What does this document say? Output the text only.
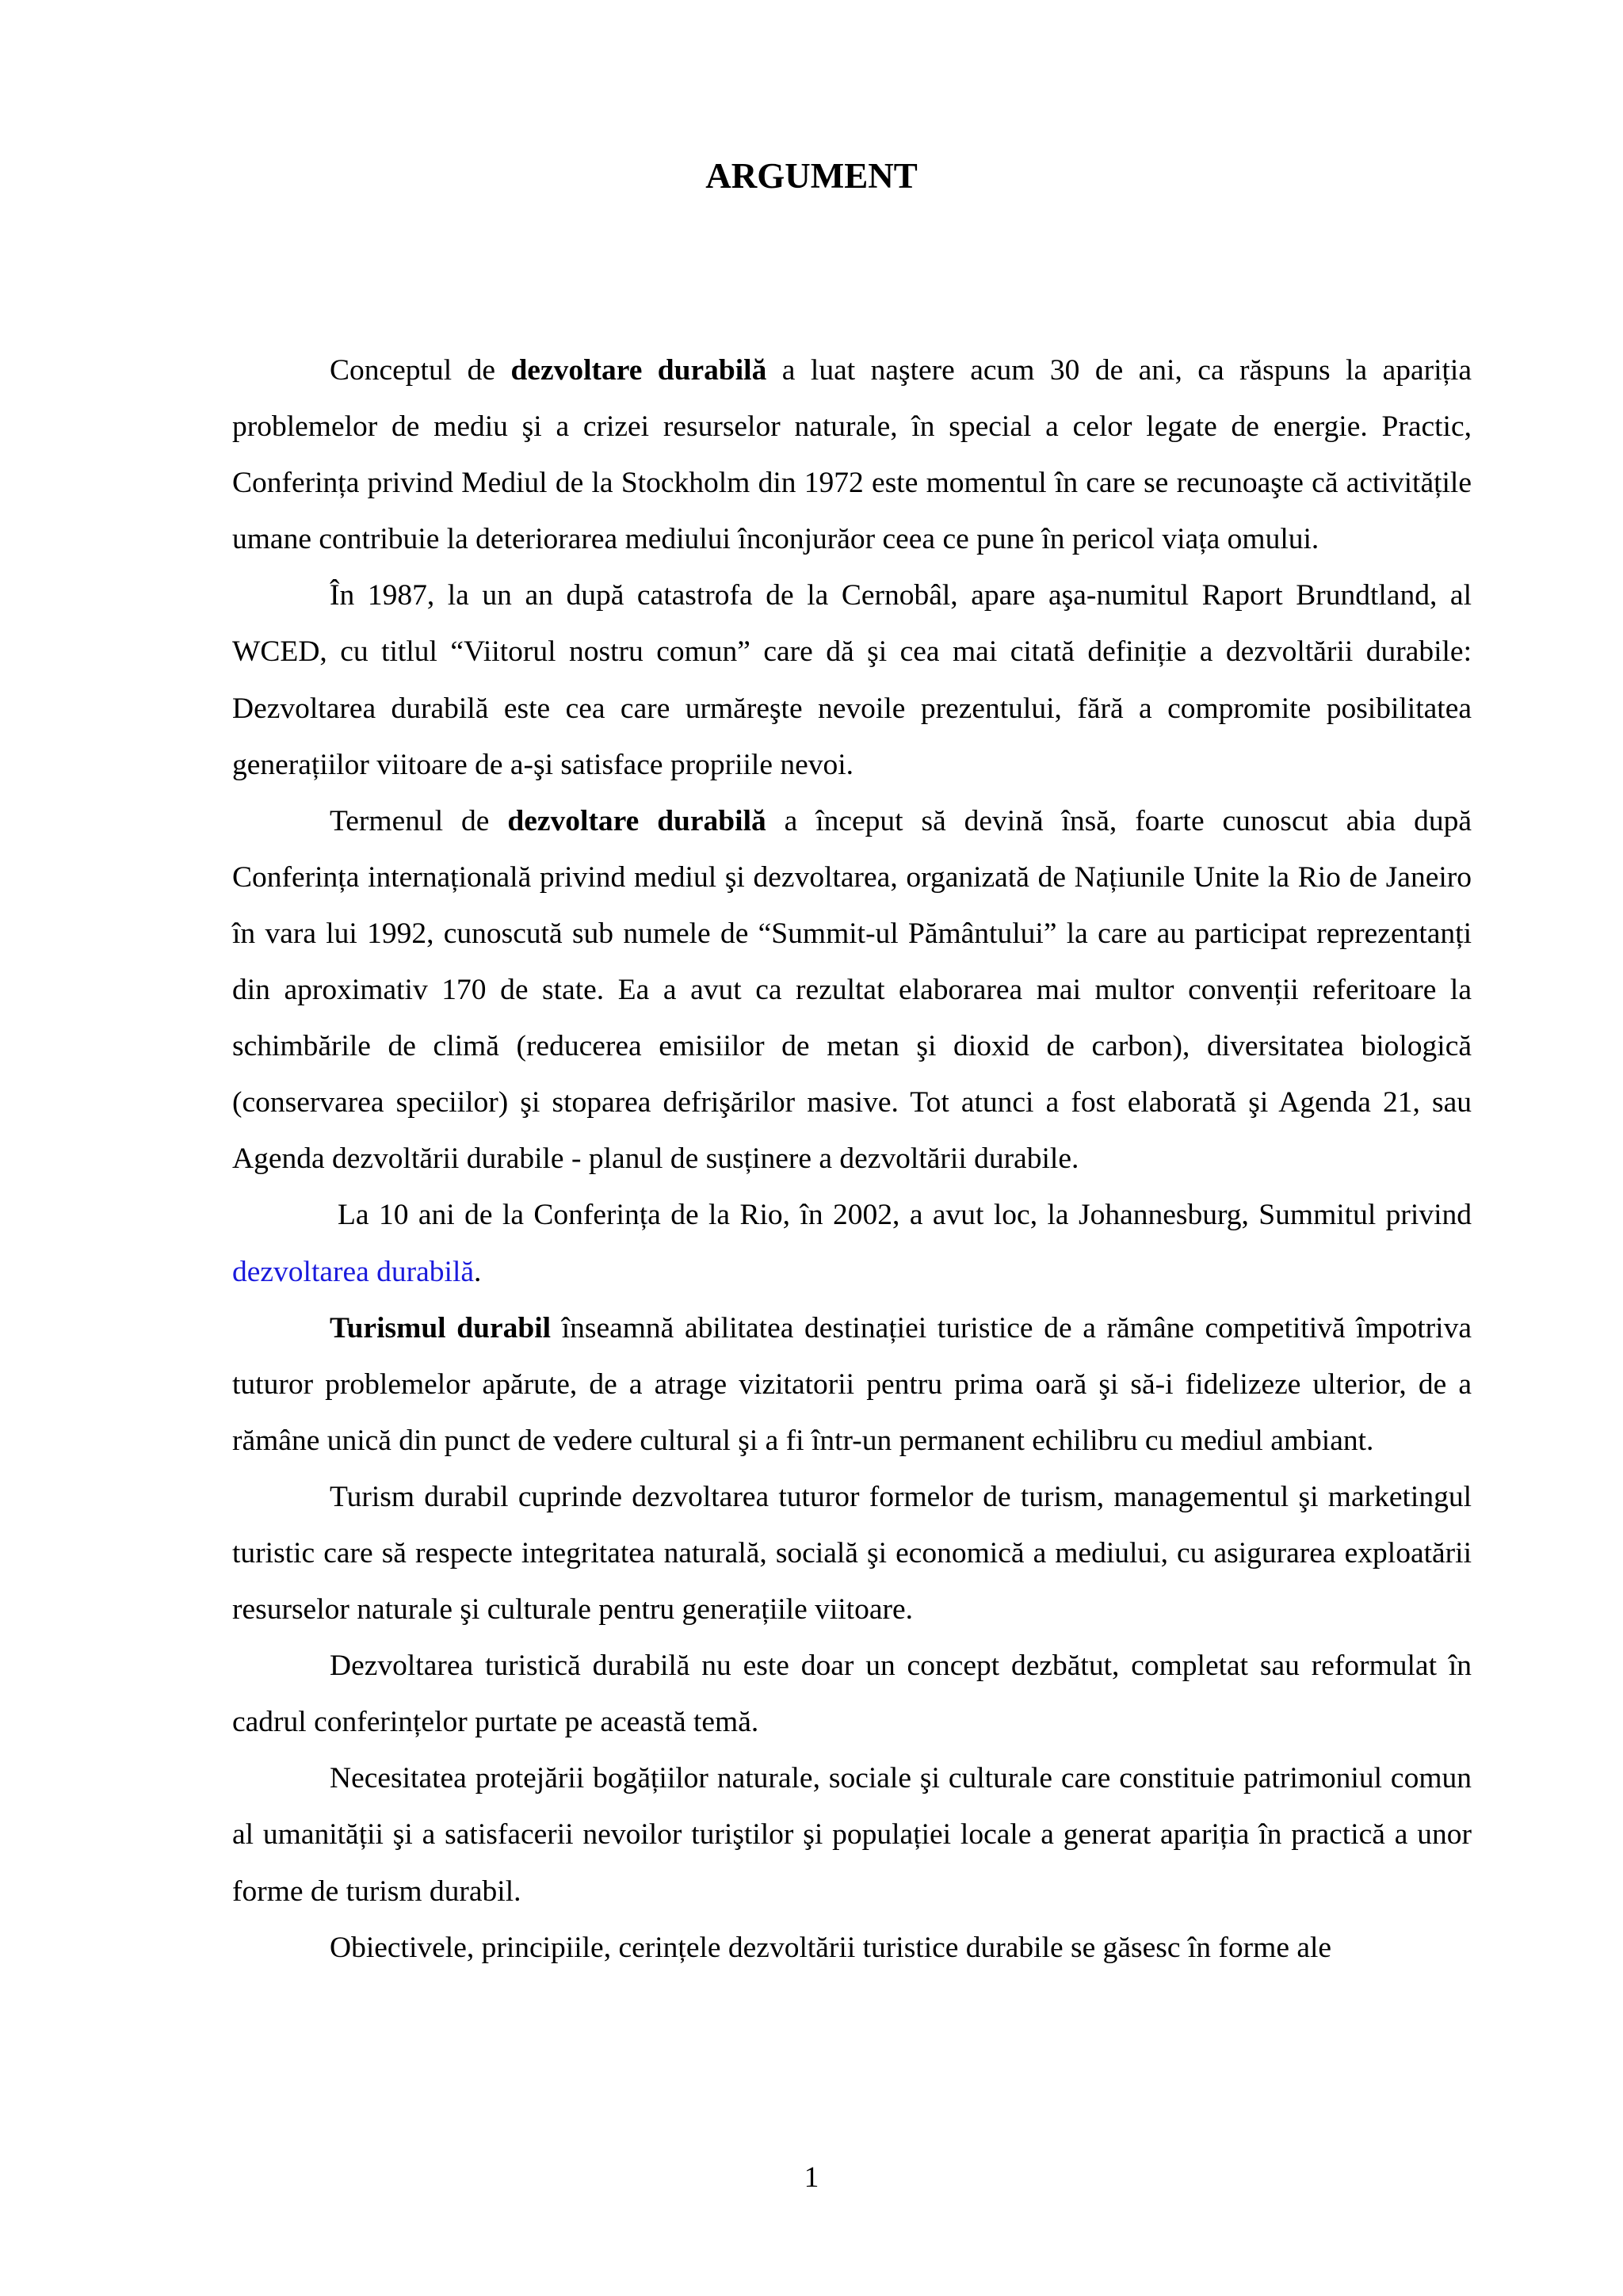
ARGUMENT

Conceptul de dezvoltare durabilă a luat naştere acum 30 de ani, ca răspuns la apariția problemelor de mediu şi a crizei resurselor naturale, în special a celor legate de energie. Practic, Conferința privind Mediul de la Stockholm din 1972 este momentul în care se recunoaşte că activitățile umane contribuie la deteriorarea mediului înconjurăor ceea ce pune în pericol viața omului.

În 1987, la un an după catastrofa de la Cernobâl, apare aşa-numitul Raport Brundtland, al WCED, cu titlul “Viitorul nostru comun” care dă şi cea mai citată definiție a dezvoltării durabile: Dezvoltarea durabilă este cea care urmăreşte nevoile prezentului, fără a compromite posibilitatea generațiilor viitoare de a-şi satisface propriile nevoi.

Termenul de dezvoltare durabilă a început să devină însă, foarte cunoscut abia după Conferința internațională privind mediul şi dezvoltarea, organizată de Națiunile Unite la Rio de Janeiro în vara lui 1992, cunoscută sub numele de “Summit-ul Pământului” la care au participat reprezentanți din aproximativ 170 de state. Ea a avut ca rezultat elaborarea mai multor convenții referitoare la schimbările de climă (reducerea emisiilor de metan şi dioxid de carbon), diversitatea biologică (conservarea speciilor) şi stoparea defrişărilor masive. Tot atunci a fost elaborată şi Agenda 21, sau Agenda dezvoltării durabile - planul de susținere a dezvoltării durabile.

La 10 ani de la Conferința de la Rio, în 2002, a avut loc, la Johannesburg, Summitul privind dezvoltarea durabilă.

Turismul durabil înseamnă abilitatea destinației turistice de a rămâne competitivă împotriva tuturor problemelor apărute, de a atrage vizitatorii pentru prima oară şi să-i fidelizeze ulterior, de a rămâne unică din punct de vedere cultural şi a fi într-un permanent echilibru cu mediul ambiant.

Turism durabil cuprinde dezvoltarea tuturor formelor de turism, managementul şi marketingul turistic care să respecte integritatea naturală, socială şi economică a mediului, cu asigurarea exploatării resurselor naturale şi culturale pentru generațiile viitoare.

Dezvoltarea turistică durabilă nu este doar un concept dezbătut, completat sau reformulat în cadrul conferințelor purtate pe această temă.

Necesitatea protejării bogățiilor naturale, sociale şi culturale care constituie patrimoniul comun al umanității şi a satisfacerii nevoilor turiştilor şi populației locale a generat apariția în practică a unor forme de turism durabil.

Obiectivele, principiile, cerințele dezvoltării turistice durabile se găsesc în forme ale

1
